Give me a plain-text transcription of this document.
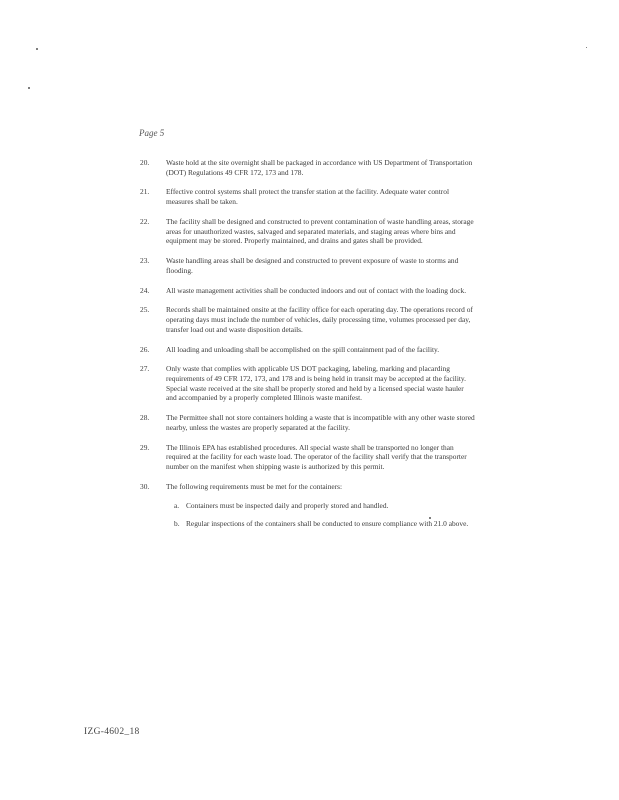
Page 5
20.	Waste hold at the site overnight shall be packaged in accordance with US Department of Transportation (DOT) Regulations 49 CFR 172, 173 and 178.
21.	Effective control systems shall protect the transfer station at the facility. Adequate water control measures shall be taken.
22.	The facility shall be designed and constructed to prevent contamination of waste handling areas, storage areas for unauthorized wastes, salvaged and separated materials, and staging areas where bins and equipment may be stored. Properly maintained, and drains and gates shall be provided.
23.	Waste handling areas shall be designed and constructed to prevent exposure of waste to storms and flooding.
24.	All waste management activities shall be conducted indoors and out of contact with the loading dock.
25.	Records shall be maintained onsite at the facility office for each operating day. The operations record of operating days must include the number of vehicles, daily processing time, volumes processed per day, transfer load out and waste disposition details.
26.	All loading and unloading shall be accomplished on the spill containment pad of the facility.
27.	Only waste that complies with applicable US DOT packaging, labeling, marking and placarding requirements of 49 CFR 172, 173, and 178 and is being held in transit may be accepted at the facility. Special waste received at the site shall be properly stored and held by a licensed special waste hauler and accompanied by a properly completed Illinois waste manifest.
28.	The Permittee shall not store containers holding a waste that is incompatible with any other waste stored nearby, unless the wastes are properly separated at the facility.
29.	The Illinois EPA has established procedures. All special waste shall be transported no longer than required at the facility for each waste load. The operator of the facility shall verify that the transporter number on the manifest when shipping waste is authorized by this permit.
30.	The following requirements must be met for the containers:
a. Containers must be inspected daily and properly stored and handled.
b. Regular inspections of the containers shall be conducted to ensure compliance with 21.0 above.
IZG-4602_18
